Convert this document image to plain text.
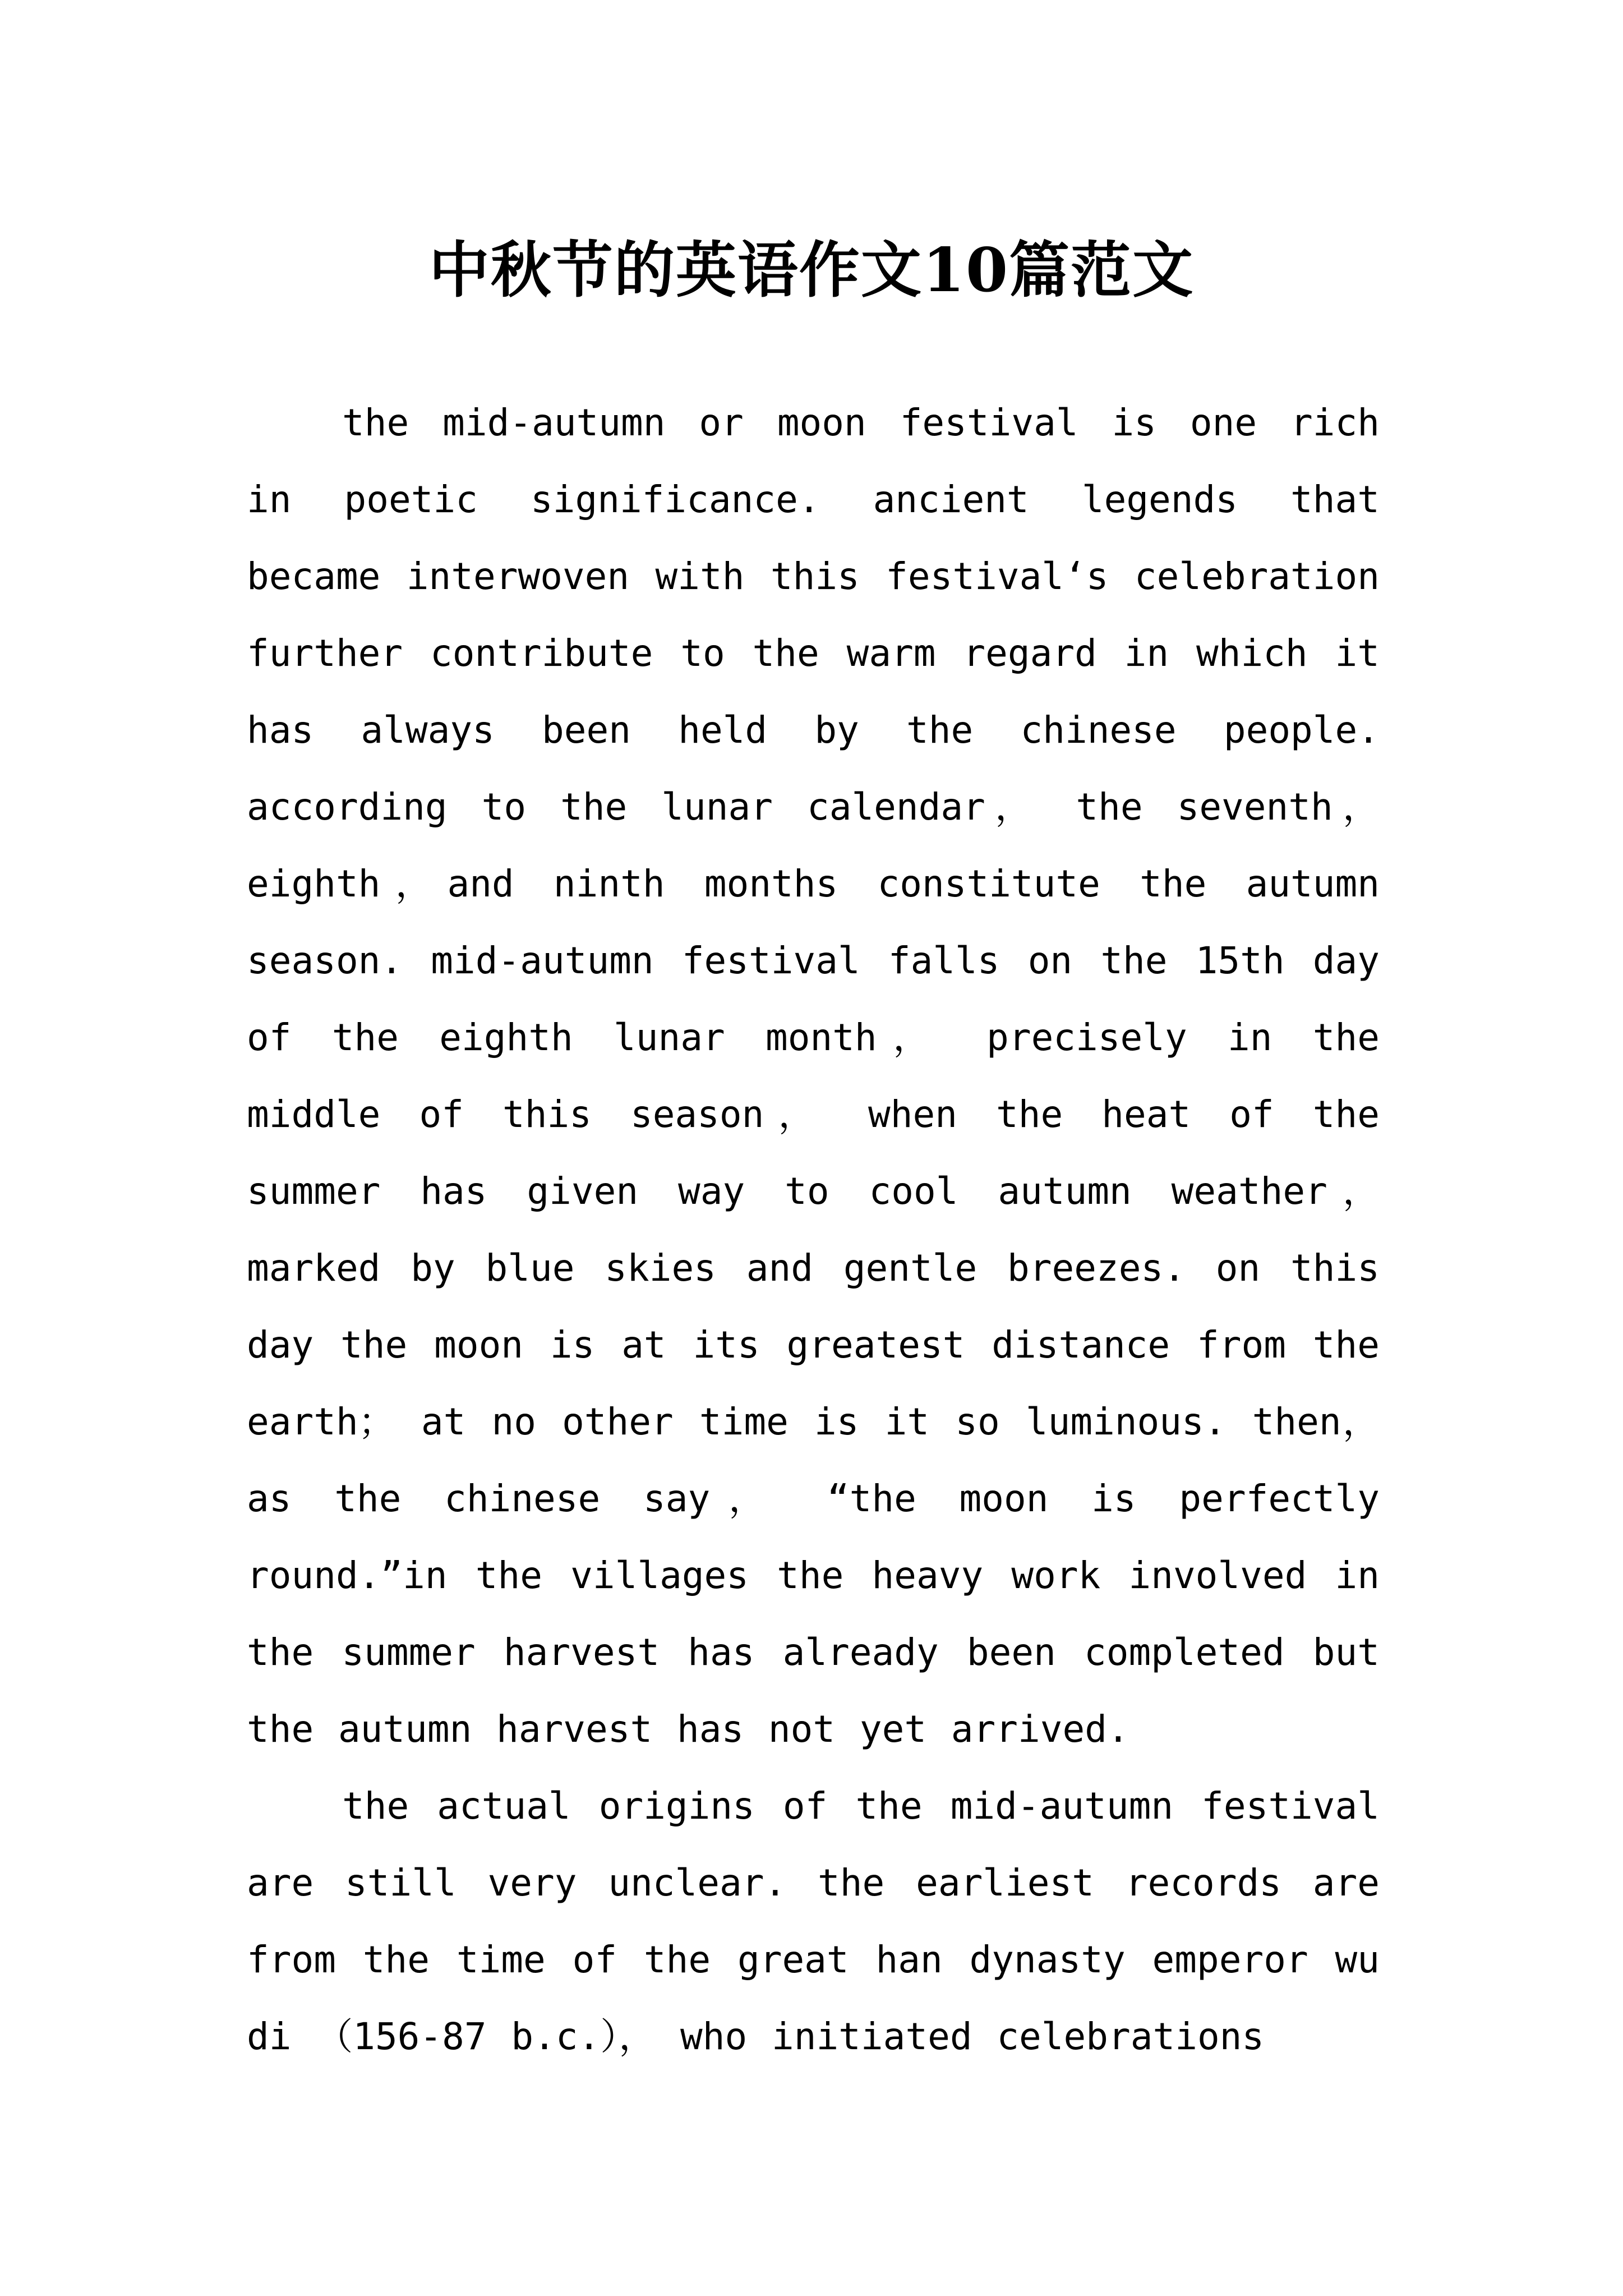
中秋节的英语作文10篇范文

the mid-autumn or moon festival is one rich in poetic significance. ancient legends that became interwoven with this festival‘s celebration further contribute to the warm regard in which it has always been held by the chinese people. according to the lunar calendar， the seventh，eighth，and ninth months constitute the autumn season. mid-autumn festival falls on the 15th day of the eighth lunar month， precisely in the middle of this season， when the heat of the summer has given way to cool autumn weather，marked by blue skies and gentle breezes. on this day the moon is at its greatest distance from the earth； at no other time is it so luminous. then，as the chinese say， “the moon is perfectly round.”in the villages the heavy work involved in the summer harvest has already been completed but the autumn harvest has not yet arrived.

the actual origins of the mid-autumn festival are still very unclear. the earliest records are from the time of the great han dynasty emperor wu di （156-87 b.c.）， who initiated celebrations
